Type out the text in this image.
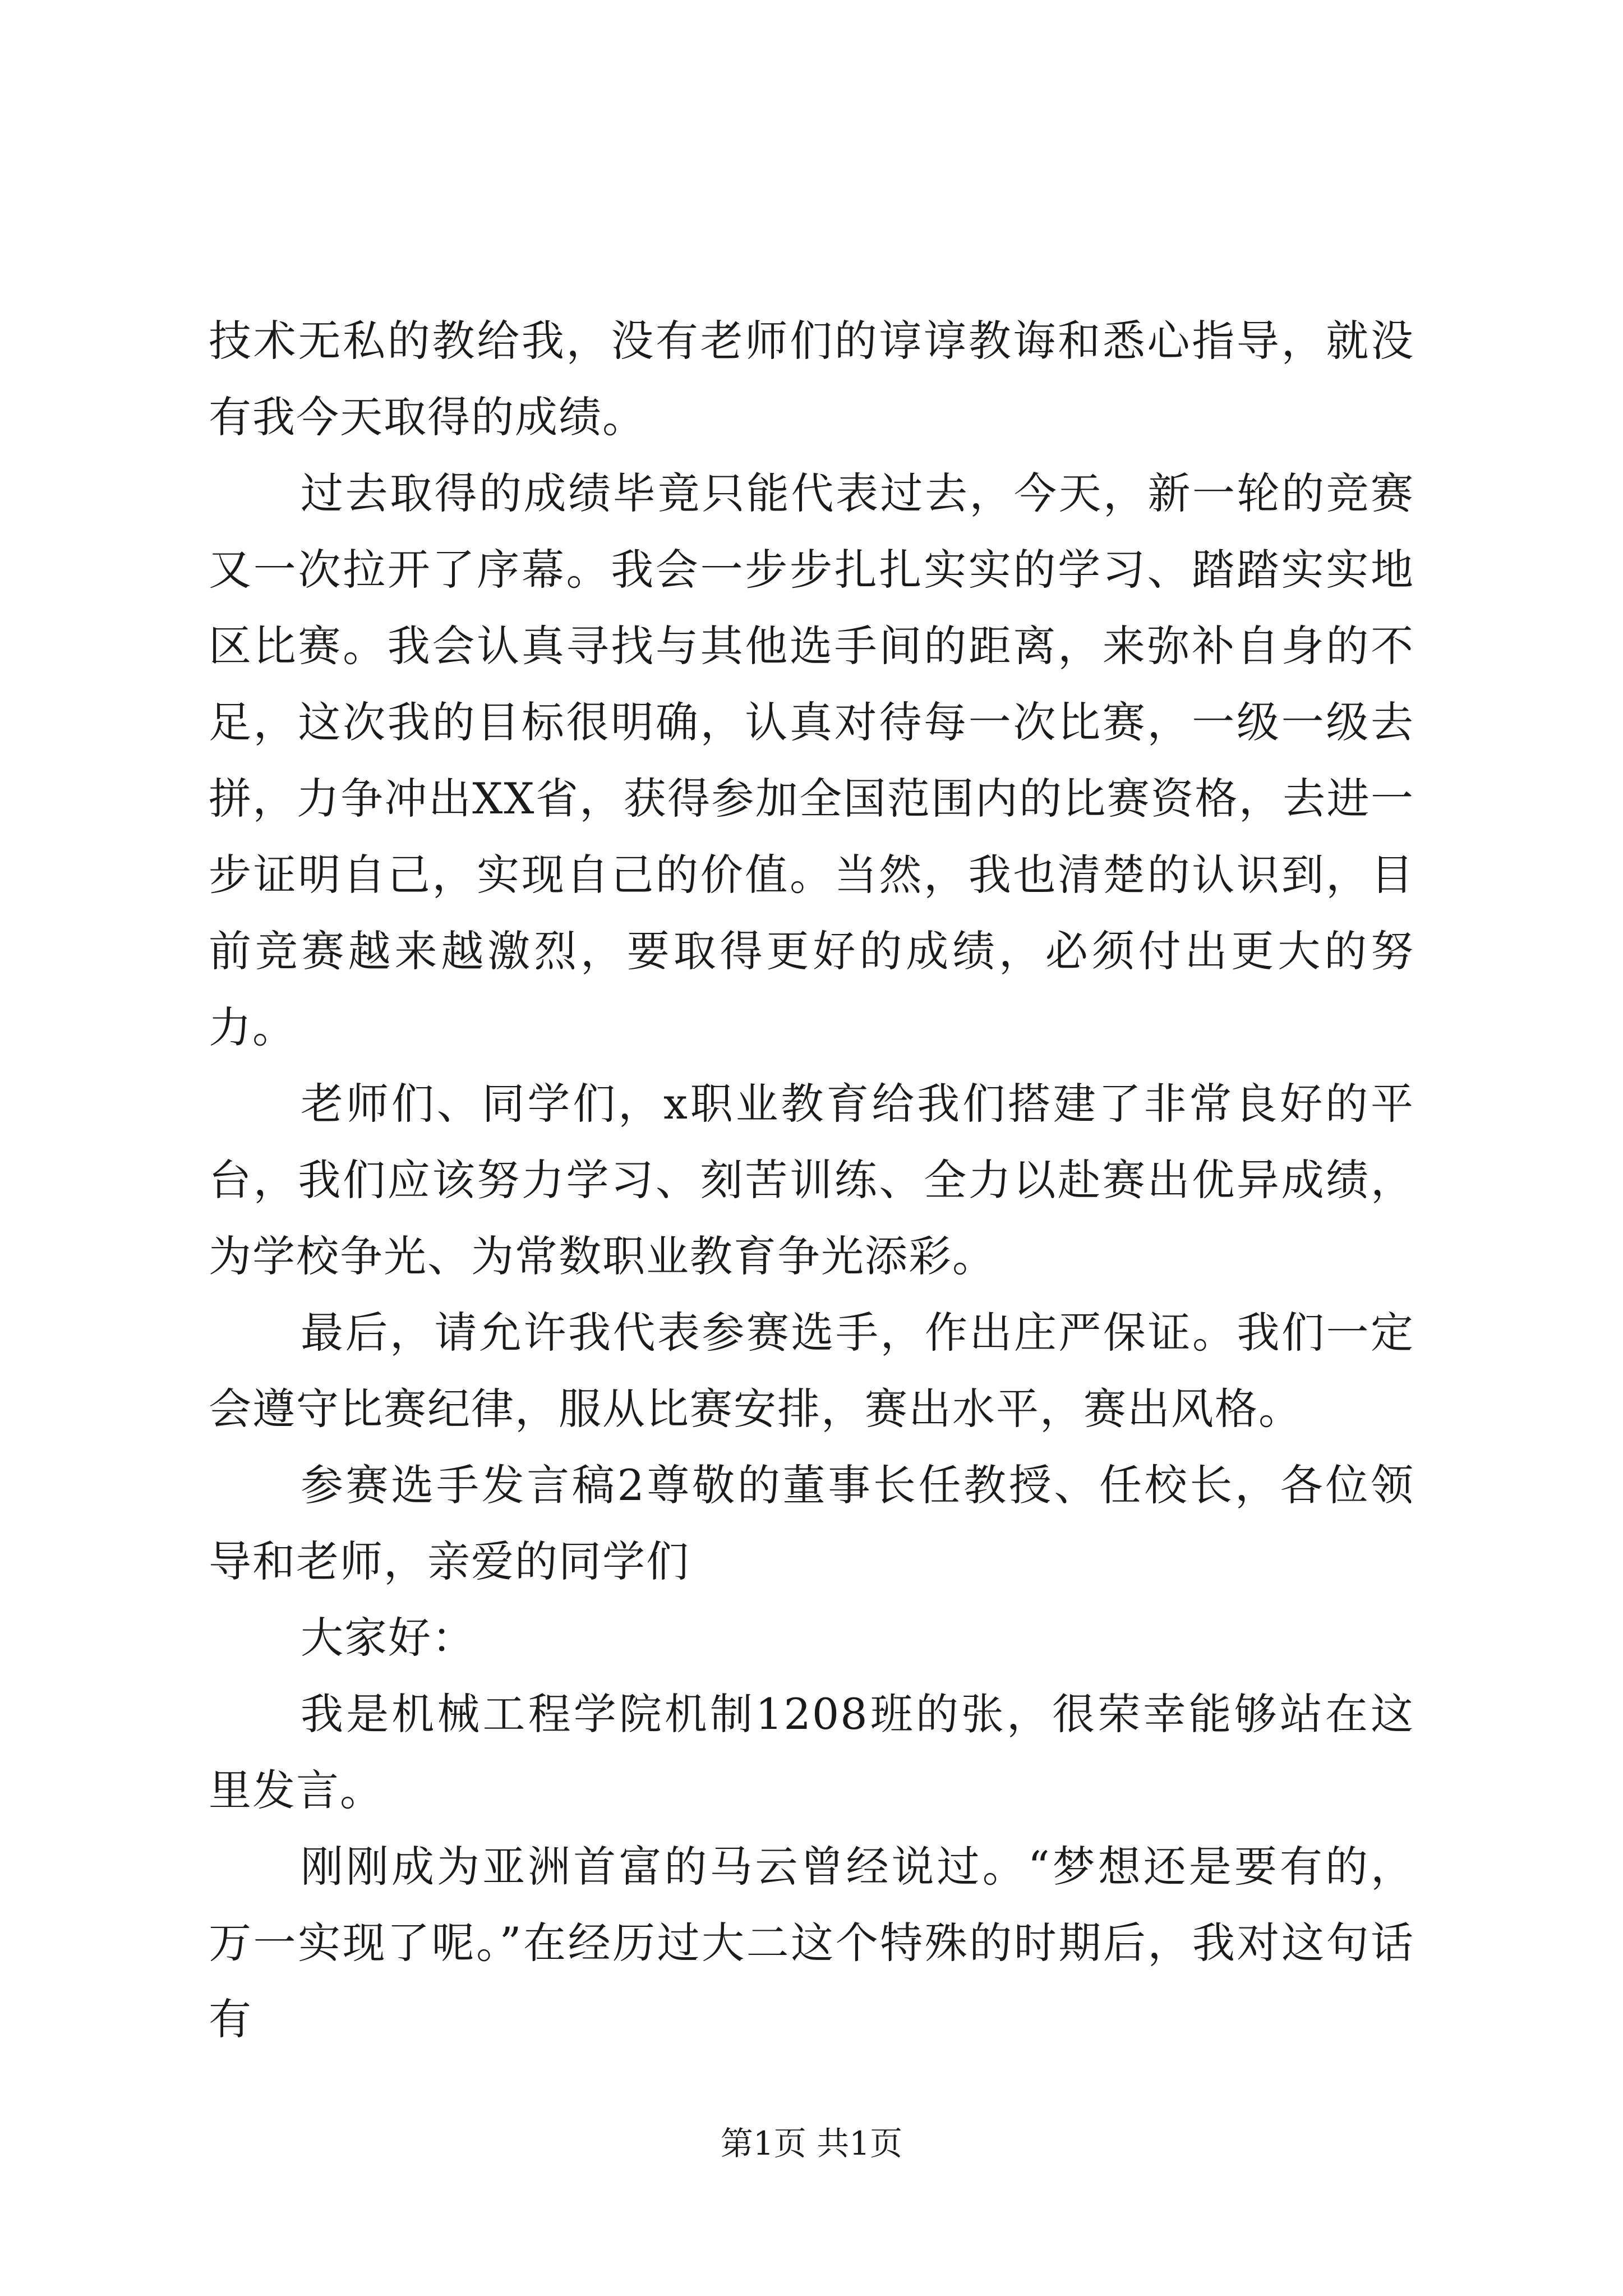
技术无私的教给我，没有老师们的谆谆教诲和悉心指导，就没有我今天取得的成绩。

过去取得的成绩毕竟只能代表过去，今天，新一轮的竞赛又一次拉开了序幕。我会一步步扎扎实实的学习、踏踏实实地区比赛。我会认真寻找与其他选手间的距离，来弥补自身的不足，这次我的目标很明确，认真对待每一次比赛，一级一级去拼，力争冲出XX省，获得参加全国范围内的比赛资格，去进一步证明自己，实现自己的价值。当然，我也清楚的认识到，目前竞赛越来越激烈，要取得更好的成绩，必须付出更大的努力。

老师们、同学们，x职业教育给我们搭建了非常良好的平台，我们应该努力学习、刻苦训练、全力以赴赛出优异成绩，为学校争光、为常数职业教育争光添彩。

最后，请允许我代表参赛选手，作出庄严保证。我们一定会遵守比赛纪律，服从比赛安排，赛出水平，赛出风格。

参赛选手发言稿2尊敬的董事长任教授、任校长，各位领导和老师，亲爱的同学们

大家好：

我是机械工程学院机制1208班的张，很荣幸能够站在这里发言。

刚刚成为亚洲首富的马云曾经说过。“梦想还是要有的，万一实现了呢。”在经历过大二这个特殊的时期后，我对这句话有

第1页 共1页
